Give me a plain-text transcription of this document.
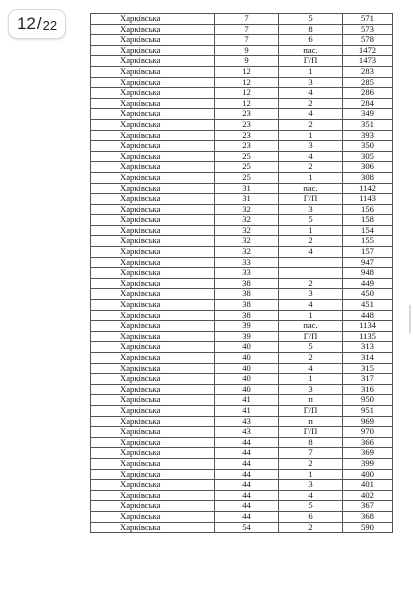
12 / 22	Харківська	7	5	571
Харківська	7	8	573
Харківська	7	6	578
Харківська	9	пас.	1472
Харківська	9	Г/П	1473
Харківська	12	1	283
Харківська	12	3	285
Харківська	12	4	286
Харківська	12	2	284
Харківська	23	4	349
Харківська	23	2	351
Харківська	23	1	393
Харківська	23	3	350
Харківська	25	4	305
Харківська	25	2	306
Харківська	25	1	308
Харківська	31	пас.	1142
Харківська	31	Г/П	1143
Харківська	32	3	156
Харківська	32	5	158
Харківська	32	1	154
Харківська	32	2	155
Харківська	32	4	157
Харківська	33		947
Харківська	33		948
Харківська	38	2	449
Харківська	38	3	450
Харківська	38	4	451
Харківська	38	1	448
Харківська	39	пас.	1134
Харківська	39	Г/П	1135
Харківська	40	5	313
Харківська	40	2	314
Харківська	40	4	315
Харківська	40	1	317
Харківська	40	3	316
Харківська	41	п	950
Харківська	41	Г/П	951
Харківська	43	п	969
Харківська	43	Г/П	970
Харківська	44	8	366
Харківська	44	7	369
Харківська	44	2	399
Харківська	44	1	400
Харківська	44	3	401
Харківська	44	4	402
Харківська	44	5	367
Харківська	44	6	368
Харківська	54	2	590
